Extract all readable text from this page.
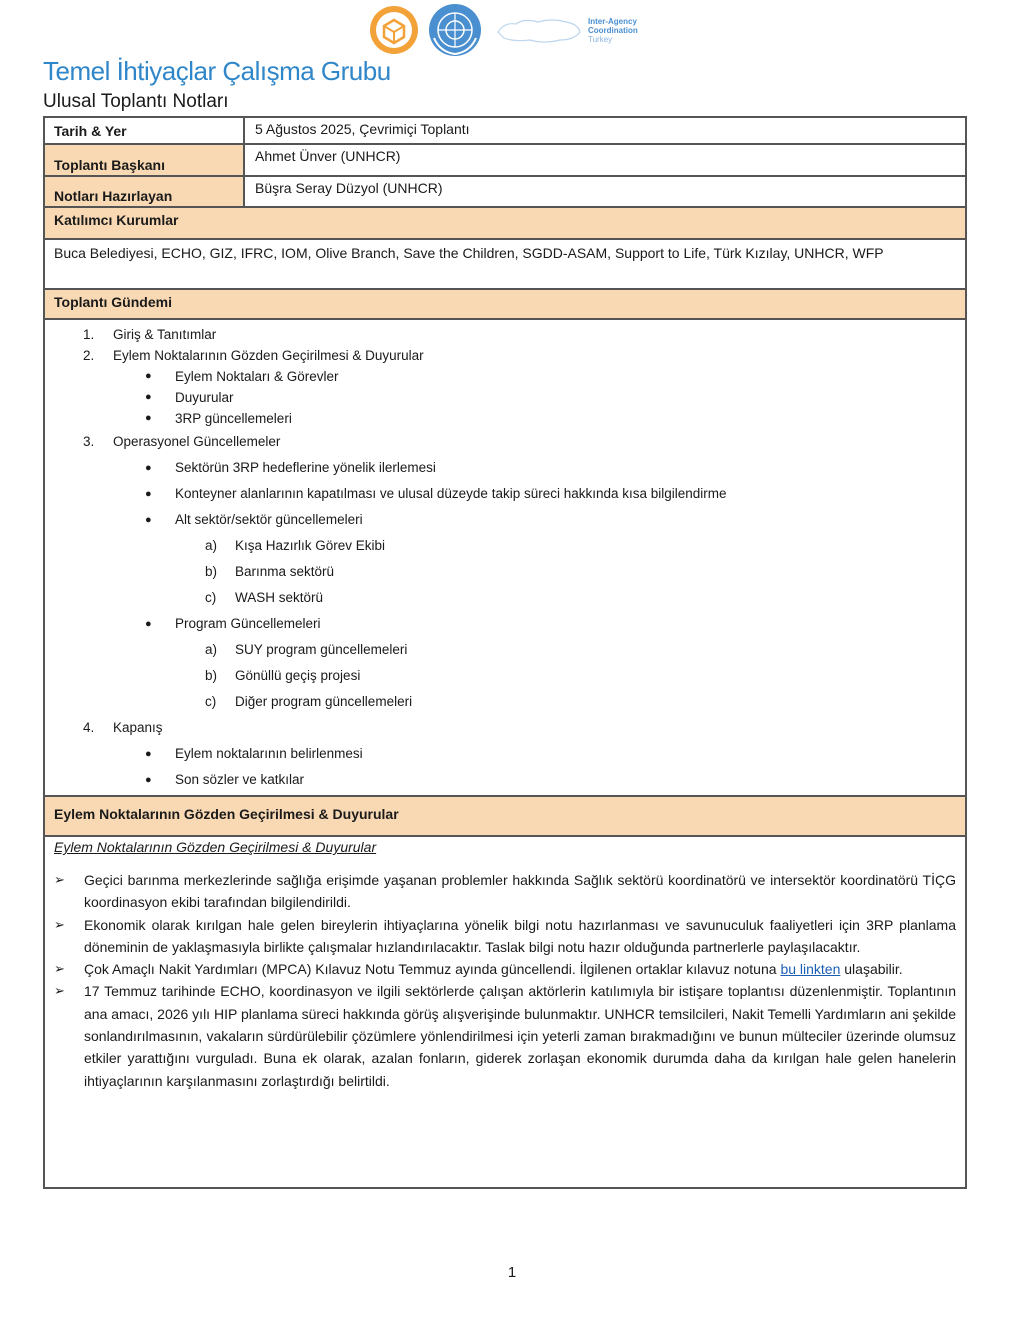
Inter-Agency
Coordination
Turkey
Temel İhtiyaçlar Çalışma Grubu
Ulusal Toplantı Notları
Tarih & Yer	5 Ağustos 2025, Çevrimiçi Toplantı
Toplantı Başkanı
Ahmet Ünver (UNHCR)
Notları Hazırlayan	Büşra Seray Düzyol (UNHCR)
Katılımcı Kurumlar
Buca Belediyesi, ECHO, GIZ, IFRC, IOM, Olive Branch, Save the Children, SGDD-ASAM, Support to Life, Türk Kızılay, UNHCR, WFP
Toplantı Gündemi
1. Giriş & Tanıtımlar
2. Eylem Noktalarının Gözden Geçirilmesi & Duyurular
● Eylem Noktaları & Görevler
● Duyurular
● 3RP güncellemeleri
3. Operasyonel Güncellemeler
● Sektörün 3RP hedeflerine yönelik ilerlemesi
● Konteyner alanlarının kapatılması ve ulusal düzeyde takip süreci hakkında kısa bilgilendirme
● Alt sektör/sektör güncellemeleri
a) Kışa Hazırlık Görev Ekibi
b) Barınma sektörü
c) WASH sektörü
● Program Güncellemeleri
a) SUY program güncellemeleri
b) Gönüllü geçiş projesi
c) Diğer program güncellemeleri
4. Kapanış
● Eylem noktalarının belirlenmesi
● Son sözler ve katkılar
Eylem Noktalarının Gözden Geçirilmesi & Duyurular
Eylem Noktalarının Gözden Geçirilmesi & Duyurular
➢ Geçici barınma merkezlerinde sağlığa erişimde yaşanan problemler hakkında Sağlık sektörü koordinatörü ve intersektör koordinatörü TİÇG koordinasyon ekibi tarafından bilgilendirildi.
➢ Ekonomik olarak kırılgan hale gelen bireylerin ihtiyaçlarına yönelik bilgi notu hazırlanması ve savunuculuk faaliyetleri için 3RP planlama döneminin de yaklaşmasıyla birlikte çalışmalar hızlandırılacaktır. Taslak bilgi notu hazır olduğunda partnerlerle paylaşılacaktır.
➢ Çok Amaçlı Nakit Yardımları (MPCA) Kılavuz Notu Temmuz ayında güncellendi. İlgilenen ortaklar kılavuz notuna bu linkten ulaşabilir.
➢ 17 Temmuz tarihinde ECHO, koordinasyon ve ilgili sektörlerde çalışan aktörlerin katılımıyla bir istişare toplantısı düzenlenmiştir. Toplantının ana amacı, 2026 yılı HIP planlama süreci hakkında görüş alışverişinde bulunmaktır. UNHCR temsilcileri, Nakit Temelli Yardımların ani şekilde sonlandırılmasının, vakaların sürdürülebilir çözümlere yönlendirilmesi için yeterli zaman bırakmadığını ve bunun mülteciler üzerinde olumsuz etkiler yarattığını vurguladı. Buna ek olarak, azalan fonların, giderek zorlaşan ekonomik durumda daha da kırılgan hale gelen hanelerin ihtiyaçlarının karşılanmasını zorlaştırdığı belirtildi.
1
